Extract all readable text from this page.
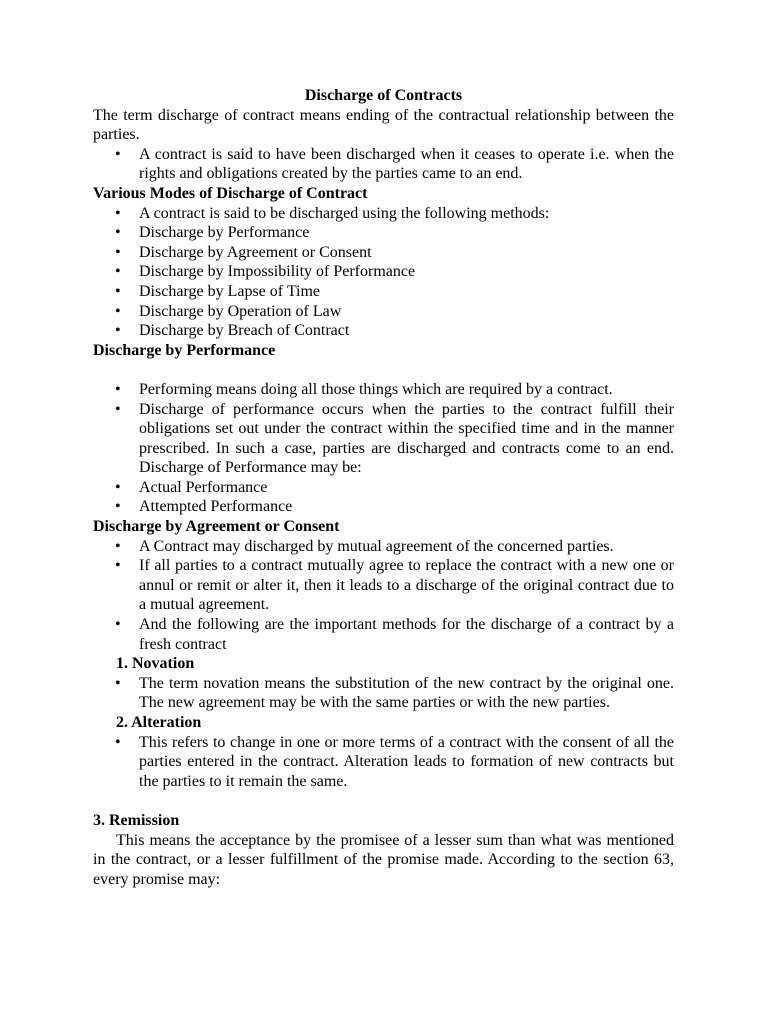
Discharge of Contracts

The term discharge of contract means ending of the contractual relationship between the parties.

• A contract is said to have been discharged when it ceases to operate i.e. when the rights and obligations created by the parties came to an end.

Various Modes of Discharge of Contract

• A contract is said to be discharged using the following methods:
• Discharge by Performance
• Discharge by Agreement or Consent
• Discharge by Impossibility of Performance
• Discharge by Lapse of Time
• Discharge by Operation of Law
• Discharge by Breach of Contract

Discharge by Performance

• Performing means doing all those things which are required by a contract.
• Discharge of performance occurs when the parties to the contract fulfill their obligations set out under the contract within the specified time and in the manner prescribed. In such a case, parties are discharged and contracts come to an end. Discharge of Performance may be:
• Actual Performance
• Attempted Performance

Discharge by Agreement or Consent

• A Contract may discharged by mutual agreement of the concerned parties.
• If all parties to a contract mutually agree to replace the contract with a new one or annul or remit or alter it, then it leads to a discharge of the original contract due to a mutual agreement.
• And the following are the important methods for the discharge of a contract by a fresh contract

1. Novation

• The term novation means the substitution of the new contract by the original one. The new agreement may be with the same parties or with the new parties.

2. Alteration

• This refers to change in one or more terms of a contract with the consent of all the parties entered in the contract. Alteration leads to formation of new contracts but the parties to it remain the same.

3. Remission

This means the acceptance by the promisee of a lesser sum than what was mentioned in the contract, or a lesser fulfillment of the promise made. According to the section 63, every promise may:
